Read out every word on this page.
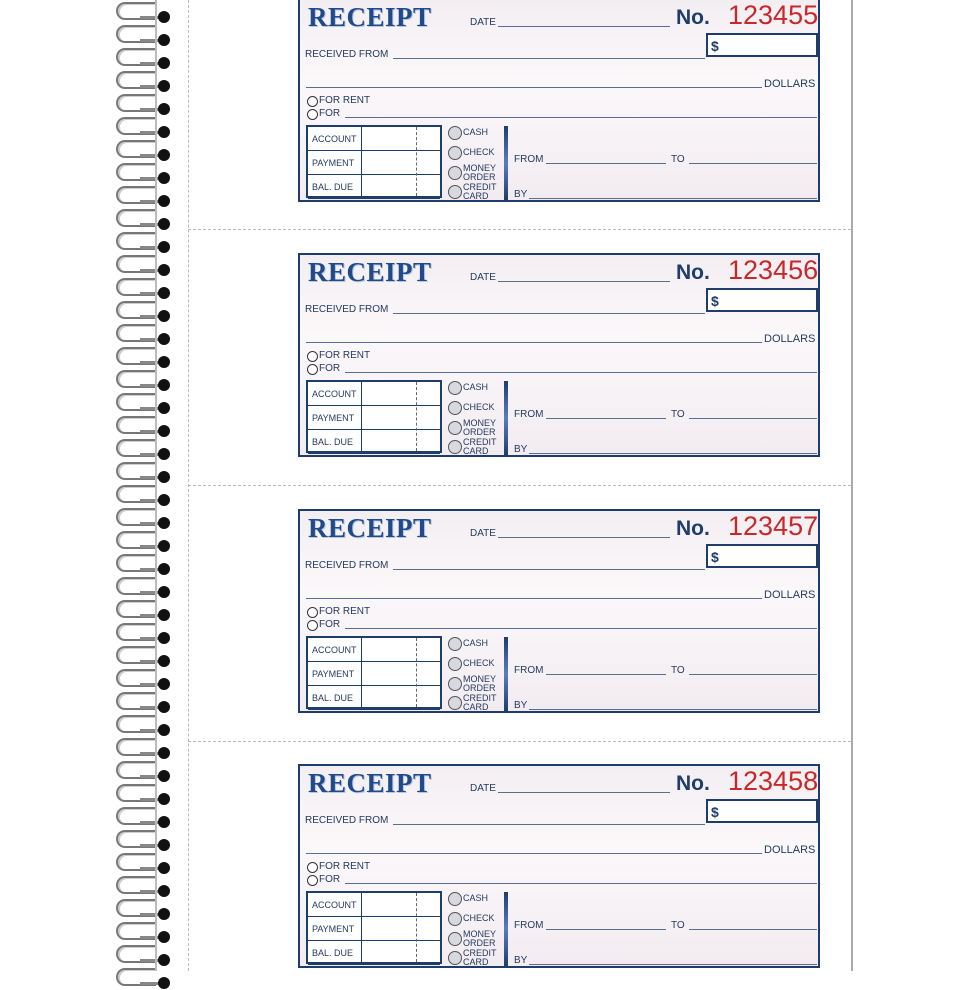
RECEIPT	DATE	No. 123455
$
RECEIVED FROM
DOLLARS
FOR RENT
FOR
ACCOUNT
PAYMENT
BAL. DUE
CASH
CHECK
MONEY
ORDER
CREDIT
CARD
FROM	TO
BY
RECEIPT	DATE	No. 123456
$
RECEIVED FROM
DOLLARS
FOR RENT
FOR
ACCOUNT
PAYMENT
BAL. DUE
CASH
CHECK
MONEY
ORDER
CREDIT
CARD
FROM	TO
BY
RECEIPT	DATE	No. 123457
$
RECEIVED FROM
DOLLARS
FOR RENT
FOR
ACCOUNT
PAYMENT
BAL. DUE
CASH
CHECK
MONEY
ORDER
CREDIT
CARD
FROM	TO
BY
RECEIPT	DATE	No. 123458
$
RECEIVED FROM
DOLLARS
FOR RENT
FOR
ACCOUNT
PAYMENT
BAL. DUE
CASH
CHECK
MONEY
ORDER
CREDIT
CARD
FROM	TO
BY
